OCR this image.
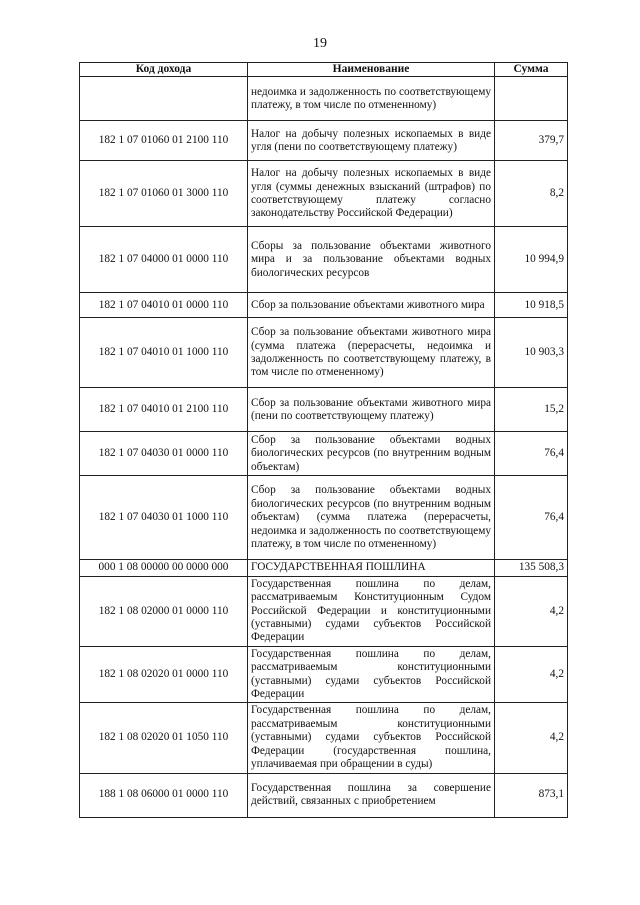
19
Код дохода	Наименование	Сумма
	недоимка и задолженность по соответствующему платежу, в том числе по отмененному)	
182 1 07 01060 01 2100 110	Налог на добычу полезных ископаемых в виде угля (пени по соответствующему платежу)	379,7
182 1 07 01060 01 3000 110	Налог на добычу полезных ископаемых в виде угля (суммы денежных взысканий (штрафов) по соответствующему платежу согласно законодательству Российской Федерации)	8,2
182 1 07 04000 01 0000 110	Сборы за пользование объектами животного мира и за пользование объектами водных биологических ресурсов	10 994,9
182 1 07 04010 01 0000 110	Сбор за пользование объектами животного мира	10 918,5
182 1 07 04010 01 1000 110	Сбор за пользование объектами животного мира (сумма платежа (перерасчеты, недоимка и задолженность по соответствующему платежу, в том числе по отмененному)	10 903,3
182 1 07 04010 01 2100 110	Сбор за пользование объектами животного мира (пени по соответствующему платежу)	15,2
182 1 07 04030 01 0000 110	Сбор за пользование объектами водных биологических ресурсов (по внутренним водным объектам)	76,4
182 1 07 04030 01 1000 110	Сбор за пользование объектами водных биологических ресурсов (по внутренним водным объектам) (сумма платежа (перерасчеты, недоимка и задолженность по соответствующему платежу, в том числе по отмененному)	76,4
000 1 08 00000 00 0000 000	ГОСУДАРСТВЕННАЯ ПОШЛИНА	135 508,3
182 1 08 02000 01 0000 110	Государственная пошлина по делам, рассматриваемым Конституционным Судом Российской Федерации и конституционными (уставными) судами субъектов Российской Федерации	4,2
182 1 08 02020 01 0000 110	Государственная пошлина по делам, рассматриваемым конституционными (уставными) судами субъектов Российской Федерации	4,2
182 1 08 02020 01 1050 110	Государственная пошлина по делам, рассматриваемым конституционными (уставными) судами субъектов Российской Федерации (государственная пошлина, уплачиваемая при обращении в суды)	4,2
188 1 08 06000 01 0000 110	Государственная пошлина за совершение действий, связанных с приобретением	873,1
